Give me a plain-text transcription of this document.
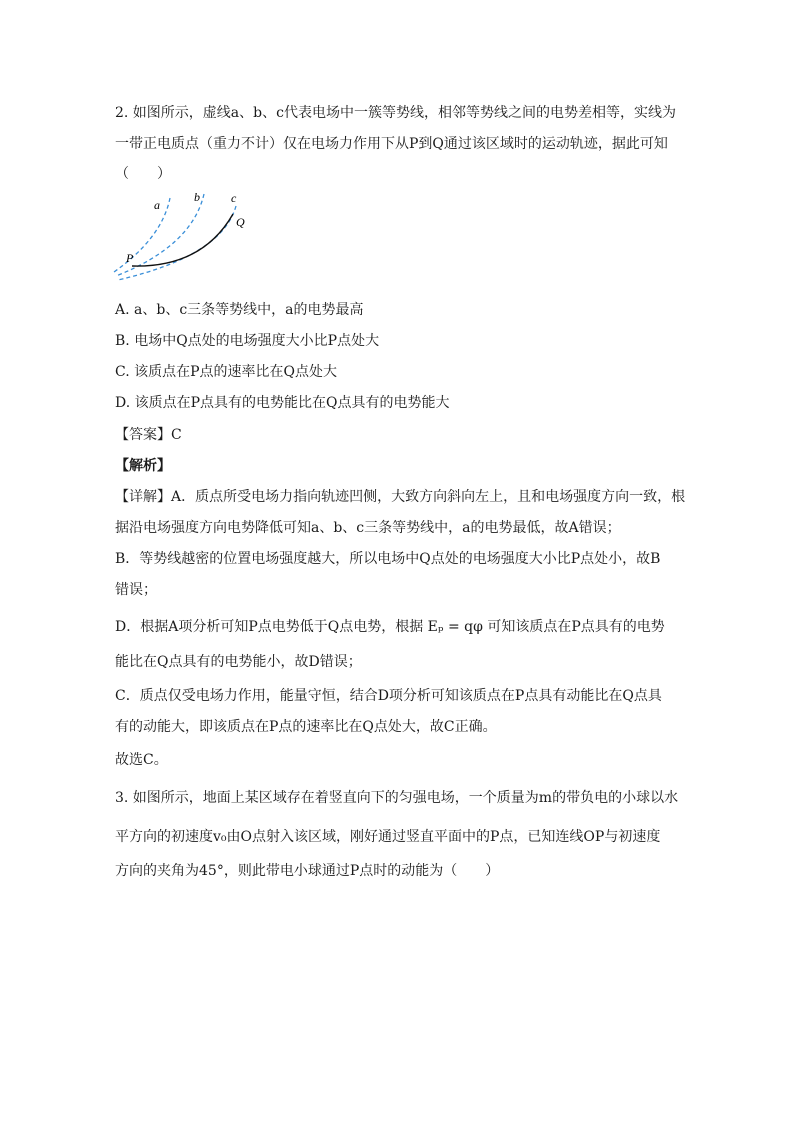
2. 如图所示，虚线a、b、c代表电场中一簇等势线，相邻等势线之间的电势差相等，实线为
一带正电质点（重力不计）仅在电场力作用下从P到Q通过该区域时的运动轨迹，据此可知
（　　）
a
b	c
Q
P
A. a、b、c三条等势线中，a的电势最高
B. 电场中Q点处的电场强度大小比P点处大
C. 该质点在P点的速率比在Q点处大
D. 该质点在P点具有的电势能比在Q点具有的电势能大
【答案】C
【解析】
【详解】A．质点所受电场力指向轨迹凹侧，大致方向斜向左上，且和电场强度方向一致，根
据沿电场强度方向电势降低可知a、b、c三条等势线中，a的电势最低，故A错误；
B．等势线越密的位置电场强度越大，所以电场中Q点处的电场强度大小比P点处小，故B
错误；
D．根据A项分析可知P点电势低于Q点电势，根据 Eₚ = qφ 可知该质点在P点具有的电势
能比在Q点具有的电势能小，故D错误；
C．质点仅受电场力作用，能量守恒，结合D项分析可知该质点在P点具有动能比在Q点具
有的动能大，即该质点在P点的速率比在Q点处大，故C正确。
故选C。
3. 如图所示，地面上某区域存在着竖直向下的匀强电场，一个质量为m的带负电的小球以水
平方向的初速度v₀由O点射入该区域，刚好通过竖直平面中的P点，已知连线OP与初速度
方向的夹角为45°，则此带电小球通过P点时的动能为（　　）
